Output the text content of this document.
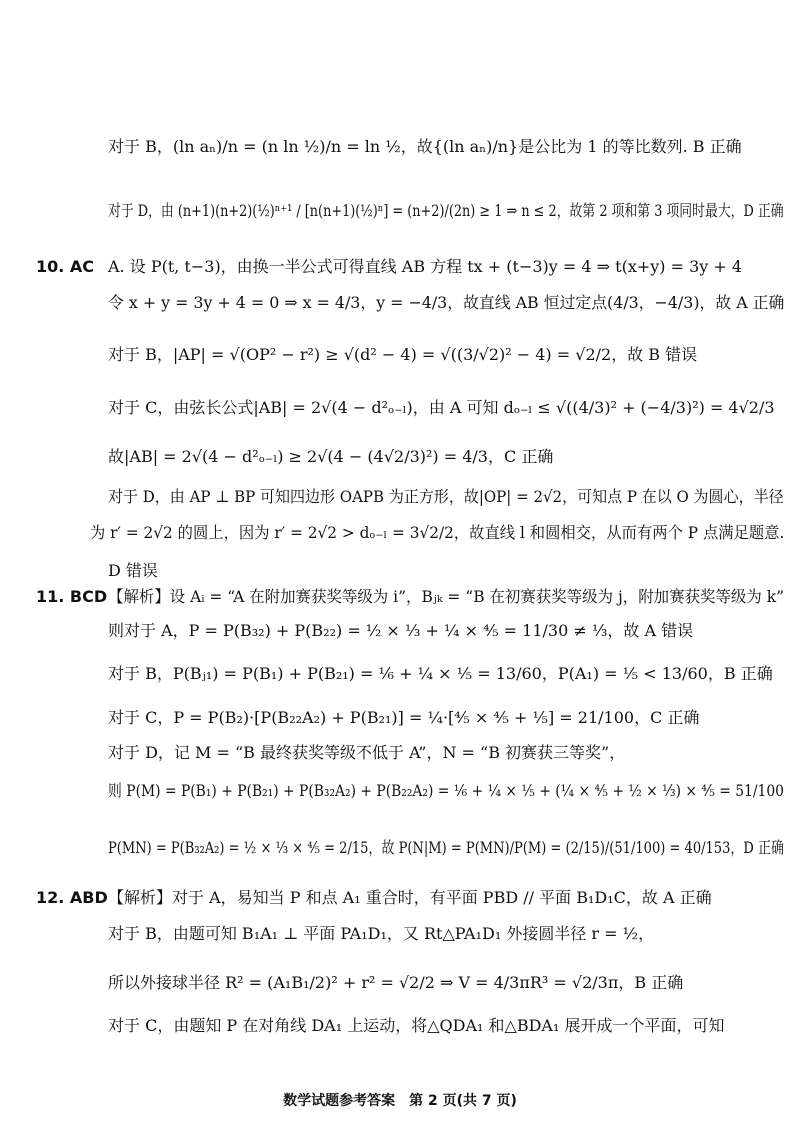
对于 B，(ln aₙ)/n = (n ln ½)/n = ln ½，故{(ln aₙ)/n}是公比为 1 的等比数列. B 正确
对于 D，由 (n+1)(n+2)(½)ⁿ⁺¹ / [n(n+1)(½)ⁿ] = (n+2)/(2n) ≥ 1 ⇒ n ≤ 2，故第 2 项和第 3 项同时最大，D 正确
10. AC A. 设 P(t, t−3)，由换一半公式可得直线 AB 方程 tx + (t−3)y = 4 ⇒ t(x+y) = 3y + 4
令 x + y = 3y + 4 = 0 ⇒ x = 4/3，y = −4/3，故直线 AB 恒过定点(4/3，−4/3)，故 A 正确
对于 B，|AP| = √(OP² − r²) ≥ √(d² − 4) = √((3/√2)² − 4) = √2/2，故 B 错误
对于 C，由弦长公式|AB| = 2√(4 − d²ₒ₋ₗ)，由 A 可知 dₒ₋ₗ ≤ √((4/3)² + (−4/3)²) = 4√2/3
故|AB| = 2√(4 − d²ₒ₋ₗ) ≥ 2√(4 − (4√2/3)²) = 4/3，C 正确
对于 D，由 AP ⊥ BP 可知四边形 OAPB 为正方形，故|OP| = 2√2，可知点 P 在以 O 为圆心，半径
为 r′ = 2√2 的圆上，因为 r′ = 2√2 > dₒ₋ₗ = 3√2/2，故直线 l 和圆相交，从而有两个 P 点满足题意.
D 错误
11. BCD 【解析】设 Aᵢ = “A 在附加赛获奖等级为 i”，Bⱼₖ = “B 在初赛获奖等级为 j，附加赛获奖等级为 k”
则对于 A，P = P(B₃₂) + P(B₂₂) = ½ × ⅓ + ¼ × ⅘ = 11/30 ≠ ⅓，故 A 错误
对于 B，P(Bⱼ₁) = P(B₁) + P(B₂₁) = ⅙ + ¼ × ⅕ = 13/60，P(A₁) = ⅕ < 13/60，B 正确
对于 C，P = P(B₂)·[P(B₂₂A₂) + P(B₂₁)] = ¼·[⅘ × ⅘ + ⅕] = 21/100，C 正确
对于 D，记 M = “B 最终获奖等级不低于 A”，N = “B 初赛获三等奖”，
则 P(M) = P(B₁) + P(B₂₁) + P(B₃₂A₂) + P(B₂₂A₂) = ⅙ + ¼ × ⅕ + (¼ × ⅘ + ½ × ⅓) × ⅘ = 51/100
P(MN) = P(B₃₂A₂) = ½ × ⅓ × ⅘ = 2/15，故 P(N|M) = P(MN)/P(M) = (2/15)/(51/100) = 40/153，D 正确
12. ABD 【解析】对于 A，易知当 P 和点 A₁ 重合时，有平面 PBD // 平面 B₁D₁C，故 A 正确
对于 B，由题可知 B₁A₁ ⊥ 平面 PA₁D₁，又 Rt△PA₁D₁ 外接圆半径 r = ½，
所以外接球半径 R² = (A₁B₁/2)² + r² = √2/2 ⇒ V = 4/3πR³ = √2/3π，B 正确
对于 C，由题知 P 在对角线 DA₁ 上运动，将△QDA₁ 和△BDA₁ 展开成一个平面，可知
数学试题参考答案　第 2 页(共 7 页)
